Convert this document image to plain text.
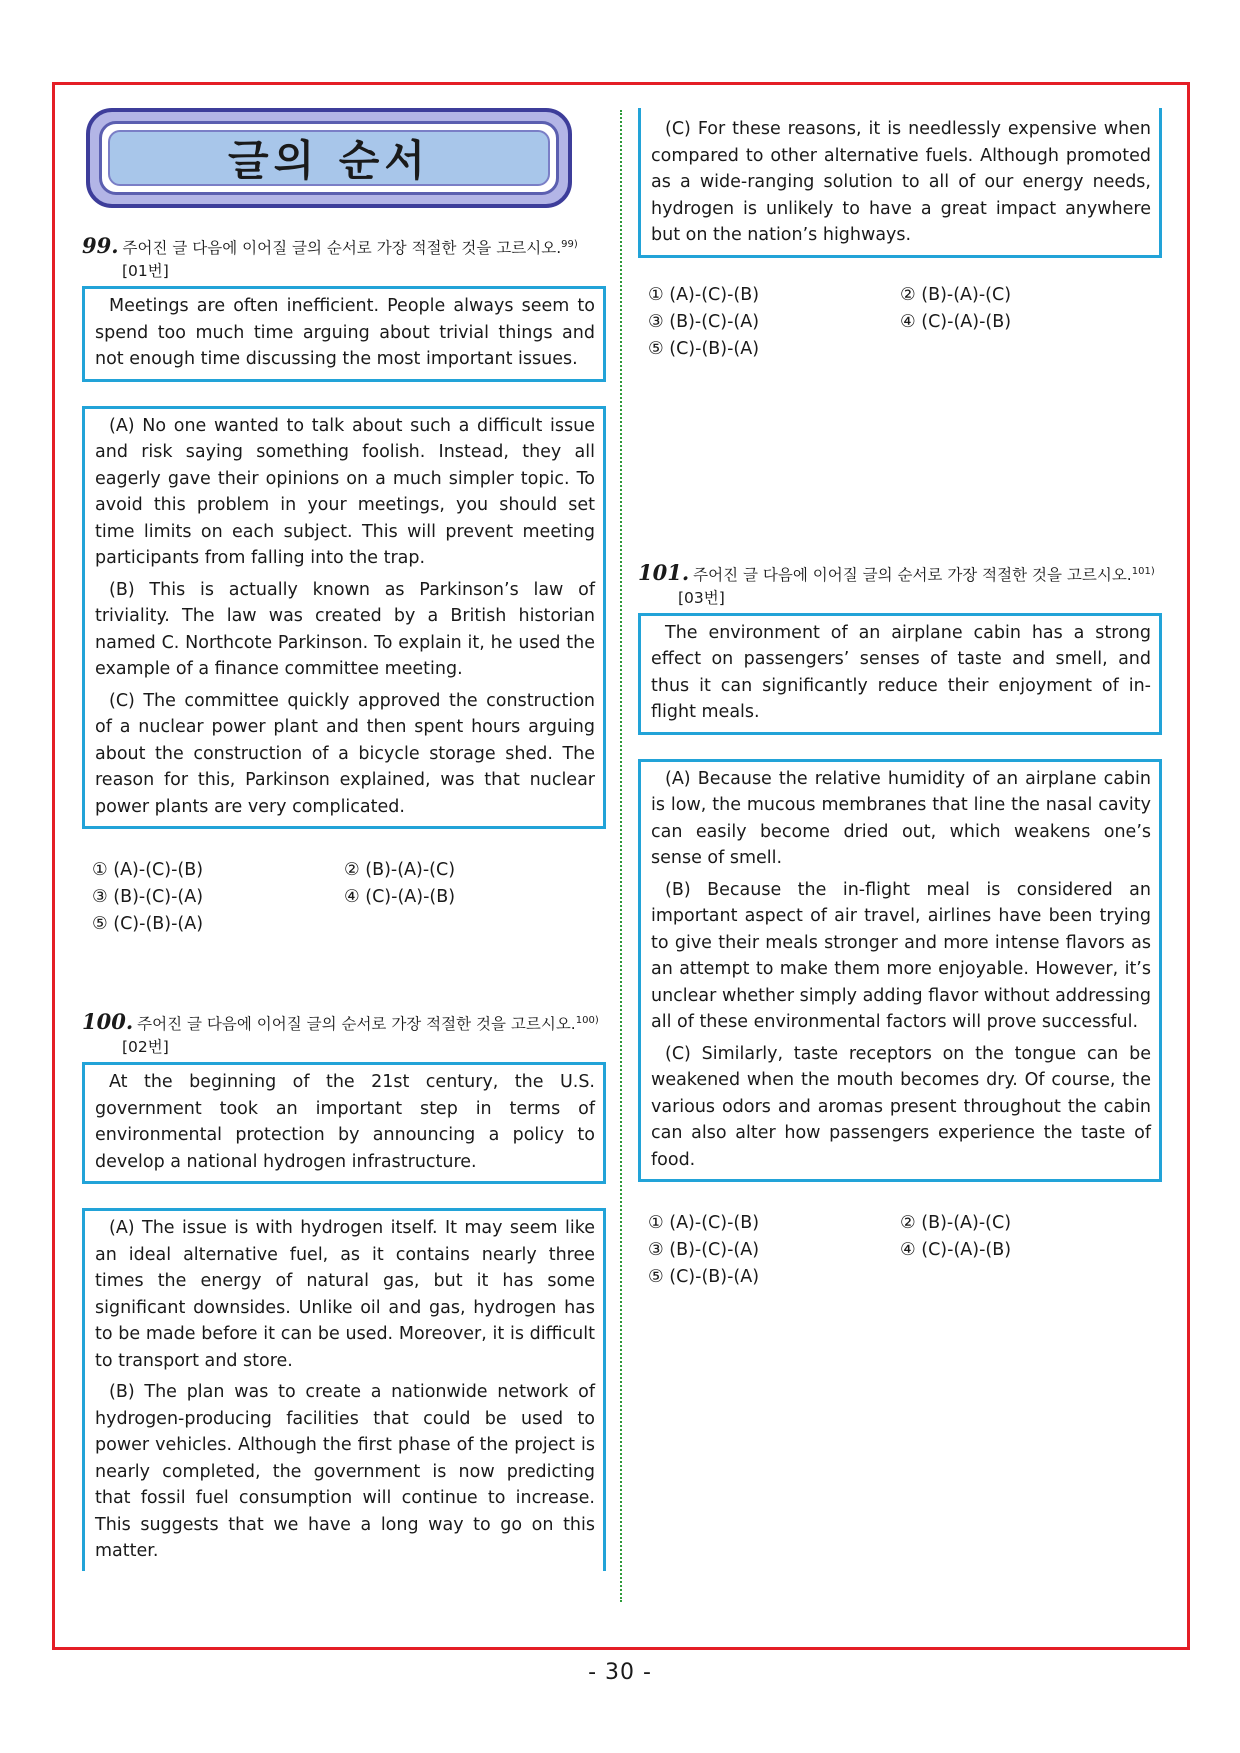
글의 순서
99. 주어진 글 다음에 이어질 글의 순서로 가장 적절한 것을 고르시오.$^{99)}$ [01번]

Meetings are often inefficient. People always seem to spend too much time arguing about trivial things and not enough time discussing the most important issues.

(A) No one wanted to talk about such a difficult issue and risk saying something foolish. Instead, they all eagerly gave their opinions on a much simpler topic. To avoid this problem in your meetings, you should set time limits on each subject. This will prevent meeting participants from falling into the trap.

(B) This is actually known as Parkinson’s law of triviality. The law was created by a British historian named C. Northcote Parkinson. To explain it, he used the example of a finance committee meeting.

(C) The committee quickly approved the construction of a nuclear power plant and then spent hours arguing about the construction of a bicycle storage shed. The reason for this, Parkinson explained, was that nuclear power plants are very complicated.

① (A)-(C)-(B)	② (B)-(A)-(C)
③ (B)-(C)-(A)	④ (C)-(A)-(B)
⑤ (C)-(B)-(A)
100. 주어진 글 다음에 이어질 글의 순서로 가장 적절한 것을 고르시오.$^{100)}$[02번]

At the beginning of the 21st century, the U.S. government took an important step in terms of environmental protection by announcing a policy to develop a national hydrogen infrastructure.

(A) The issue is with hydrogen itself. It may seem like an ideal alternative fuel, as it contains nearly three times the energy of natural gas, but it has some significant downsides. Unlike oil and gas, hydrogen has to be made before it can be used. Moreover, it is difficult to transport and store.

(B) The plan was to create a nationwide network of hydrogen-producing facilities that could be used to power vehicles. Although the first phase of the project is nearly completed, the government is now predicting that fossil fuel consumption will continue to increase. This suggests that we have a long way to go on this matter.

(C) For these reasons, it is needlessly expensive when compared to other alternative fuels. Although promoted as a wide-ranging solution to all of our energy needs, hydrogen is unlikely to have a great impact anywhere but on the nation’s highways.

① (A)-(C)-(B)	② (B)-(A)-(C)
③ (B)-(C)-(A)	④ (C)-(A)-(B)
⑤ (C)-(B)-(A)
101. 주어진 글 다음에 이어질 글의 순서로 가장 적절한 것을 고르시오.$^{101)}$[03번]

The environment of an airplane cabin has a strong effect on passengers’ senses of taste and smell, and thus it can significantly reduce their enjoyment of in-flight meals.

(A) Because the relative humidity of an airplane cabin is low, the mucous membranes that line the nasal cavity can easily become dried out, which weakens one’s sense of smell.

(B) Because the in-flight meal is considered an important aspect of air travel, airlines have been trying to give their meals stronger and more intense flavors as an attempt to make them more enjoyable. However, it’s unclear whether simply adding flavor without addressing all of these environmental factors will prove successful.

(C) Similarly, taste receptors on the tongue can be weakened when the mouth becomes dry. Of course, the various odors and aromas present throughout the cabin can also alter how passengers experience the taste of food.

① (A)-(C)-(B)	② (B)-(A)-(C)
③ (B)-(C)-(A)	④ (C)-(A)-(B)
⑤ (C)-(B)-(A)
- 30 -
